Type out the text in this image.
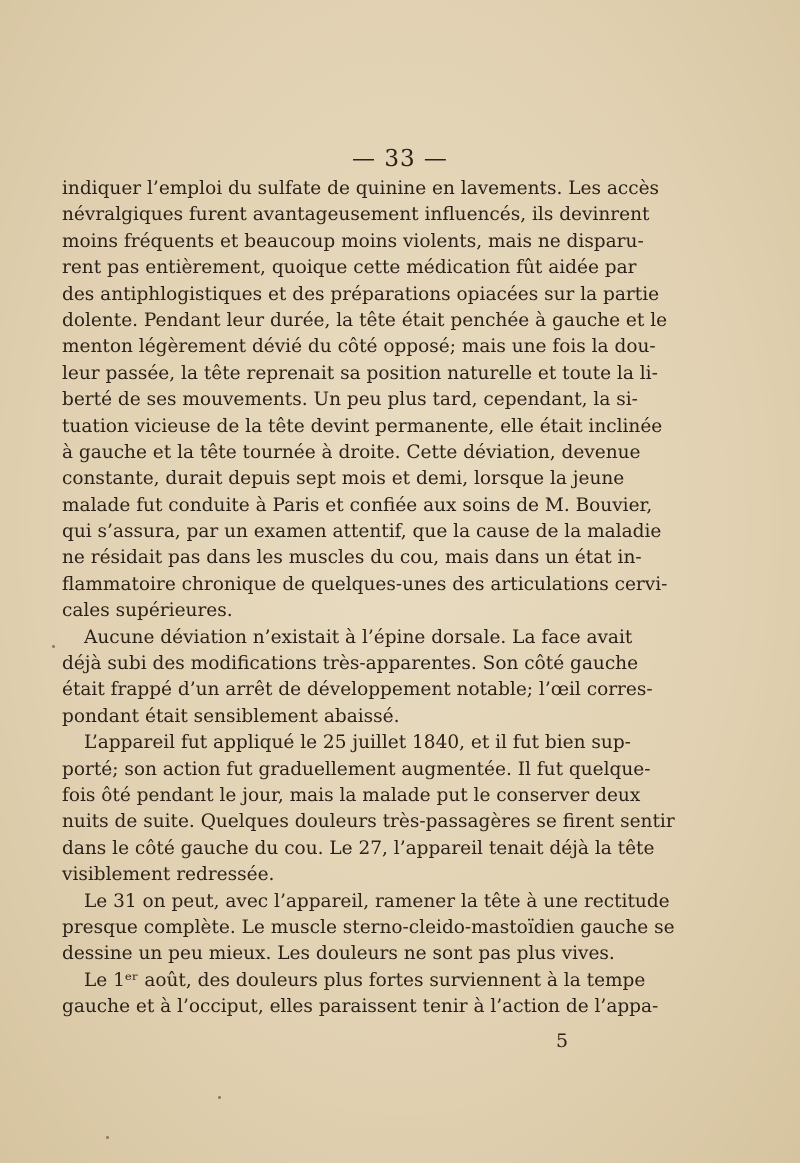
— 33 —
indiquer l’emploi du sulfate de quinine en lavements. Les accès
névralgiques furent avantageusement influencés, ils devinrent
moins fréquents et beaucoup moins violents, mais ne disparu-
rent pas entièrement, quoique cette médication fût aidée par
des antiphlogistiques et des préparations opiacées sur la partie
dolente. Pendant leur durée, la tête était penchée à gauche et le
menton légèrement dévié du côté opposé; mais une fois la dou-
leur passée, la tête reprenait sa position naturelle et toute la li-
berté de ses mouvements. Un peu plus tard, cependant, la si-
tuation vicieuse de la tête devint permanente, elle était inclinée
à gauche et la tête tournée à droite. Cette déviation, devenue
constante, durait depuis sept mois et demi, lorsque la jeune
malade fut conduite à Paris et confiée aux soins de M. Bouvier,
qui s’assura, par un examen attentif, que la cause de la maladie
ne résidait pas dans les muscles du cou, mais dans un état in-
flammatoire chronique de quelques-unes des articulations cervi-
cales supérieures.
Aucune déviation n’existait à l’épine dorsale. La face avait
déjà subi des modifications très-apparentes. Son côté gauche
était frappé d’un arrêt de développement notable; l’œil corres-
pondant était sensiblement abaissé.
L’appareil fut appliqué le 25 juillet 1840, et il fut bien sup-
porté; son action fut graduellement augmentée. Il fut quelque-
fois ôté pendant le jour, mais la malade put le conserver deux
nuits de suite. Quelques douleurs très-passagères se firent sentir
dans le côté gauche du cou. Le 27, l’appareil tenait déjà la tête
visiblement redressée.
Le 31 on peut, avec l’appareil, ramener la tête à une rectitude
presque complète. Le muscle sterno-cleido-mastoïdien gauche se
dessine un peu mieux. Les douleurs ne sont pas plus vives.
Le 1ᵉʳ août, des douleurs plus fortes surviennent à la tempe
gauche et à l’occiput, elles paraissent tenir à l’action de l’appa-
5
